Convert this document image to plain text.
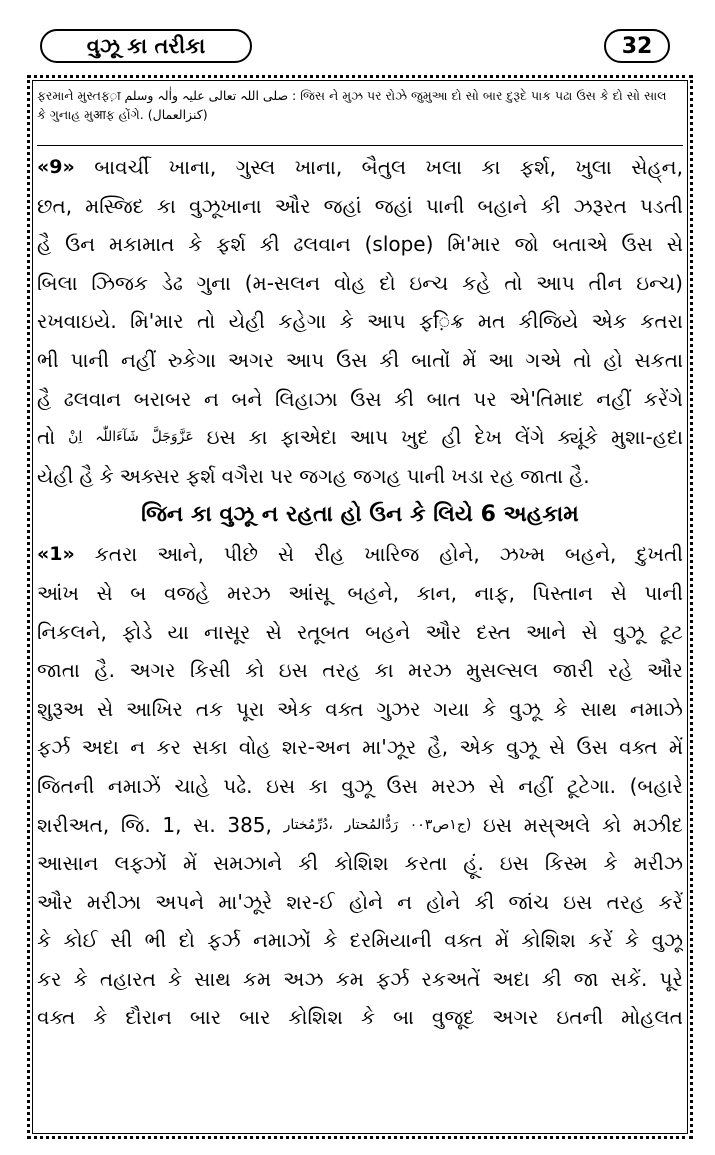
વુઝૂ કા તરીકા	32
ફરમાને મુસ્તફ़ा صلی اللہ تعالی علیہ واٰلہ وسلم : જિસ ને મુઝ પર રોઝે જુમુઆ દો સો બાર દુરૂદે પાક પઢા ઉસ કે દો સો સાલ
કે ગુનાહ મુआફ હોંગે. (کنزالعمال)
«9» બાવર્ચી ખાના, ગુસ્લ ખાના, બૈતુલ ખલા કા ફર્શ, ખુલા સેહ્‌ન,
છત, મસ્જિદ કા વુઝૂખાના ઔર જહાં જહાં પાની બહાને કી ઝરૂરત પડતી
હૈ ઉન મકામાત કે ફર્શ કી ઢલવાન (slope) મિ'માર જો બતાએ ઉસ સે
બિલા ઝિજક ડેઢ ગુના (મ-સલન વોહ દો ઇન્ચ કહે તો આપ તીન ઇન્ચ)
રખવાઇયે. મિ'માર તો યેહી કહેગા કે આપ ફ़िક્ર મત કીજિયે એક કતરા
ભી પાની નહીં રુકેગા અગર આપ ઉસ કી બાતોં મેં આ ગએ તો હો સકતા
હૈ ઢલવાન બરાબર ન બને લિહાઝા ઉસ કી બાત પર એ'તિમાદ નહીં કરેંગે
તો اِنْ شَآءَاللّٰہ عَزَّوَجَلَّ ઇસ કા ફાએદા આપ ખુદ હી દેખ લેંગે ક્યૂંકે મુશા-હદા
યેહી હૈ કે અક્સર ફર્શ વગૈરા પર જગહ જગહ પાની ખડા રહ જાતા હૈ.
જિન કા વુઝૂ ન રહતા હો ઉન કે લિયે 6 અહકામ
«1» કતરા આને, પીછે સે રીહ ખારિજ હોને, ઝખ્મ બહને, દુખતી
આંખ સે બ વજહે મરઝ આંસૂ બહને, કાન, નાફ, પિસ્તાન સે પાની
નિકલને, ફોડે યા નાસૂર સે રતૂબત બહને ઔર દસ્ત આને સે વુઝૂ ટૂટ
જાતા હૈ. અગર કિસી કો ઇસ તરહ કા મરઝ મુસલ્સલ જારી રહે ઔર
શુરૂઅ સે આખિર તક પૂરા એક વક્ત ગુઝર ગયા કે વુઝૂ કે સાથ નમાઝે
ફર્ઝ અદા ન કર સકા વોહ શર-અન મા'ઝૂર હૈ, એક વુઝૂ સે ઉસ વક્ત મેં
જિતની નમાઝેં ચાહે પઢે. ઇસ કા વુઝૂ ઉસ મરઝ સે નહીં ટૂટેગા. (બહારે
શરીઅત, જિ. 1, સ. 385, دُرِّمُختار، رَدُّالمُحتار ج۱ص۰۰۳) ઇસ મસ્અલે કો મઝીદ
આસાન લફ્ઝોં મેં સમઝાને કી કોશિશ કરતા હૂં. ઇસ કિસ્મ કે મરીઝ
ઔર મરીઝા અપને મા'ઝૂરે શર-ઈ હોને ન હોને કી જાંચ ઇસ તરહ કરેં
કે કોઈ સી ભી દો ફર્ઝ નમાઝોં કે દરમિયાની વક્ત મેં કોશિશ કરેં કે વુઝૂ
કર કે તહારત કે સાથ કમ અઝ કમ ફર્ઝ રકઅતેં અદા કી જા સકેં. પૂરે
વક્ત કે દૌરાન બાર બાર કોશિશ કે બા વુજૂદ અગર ઇતની મોહલત
